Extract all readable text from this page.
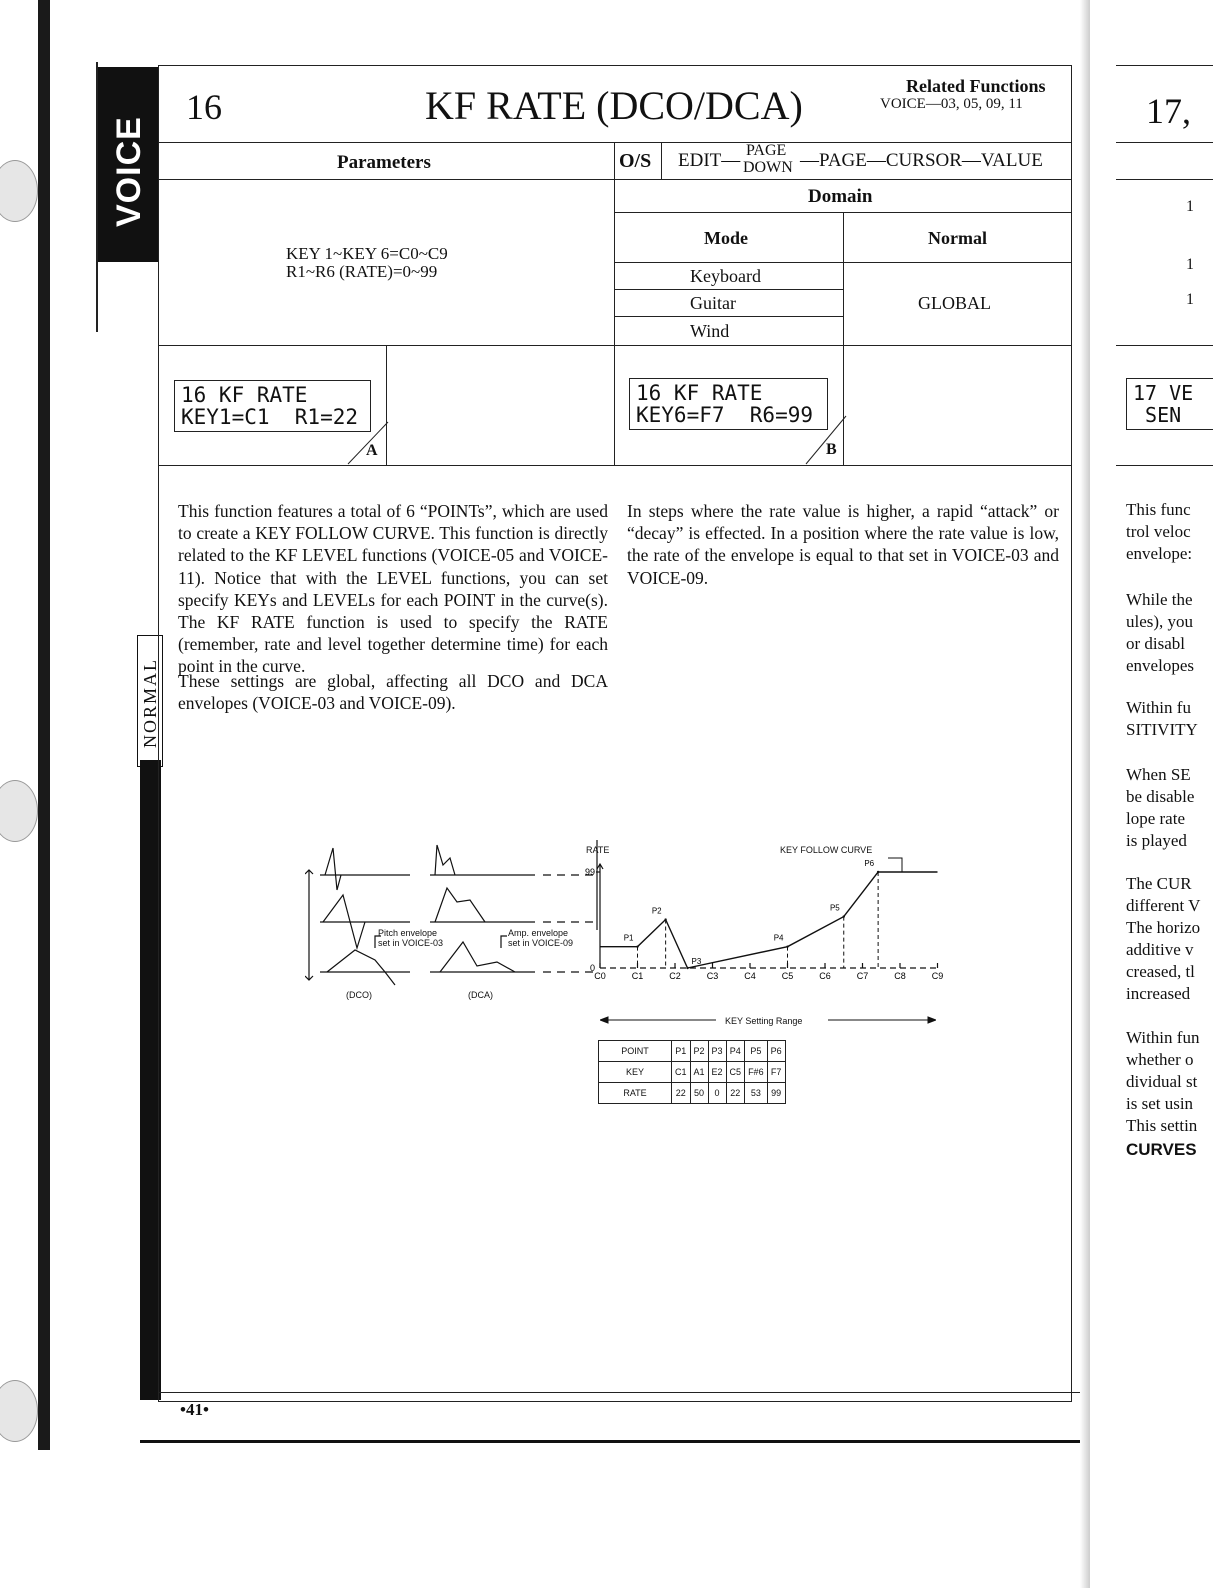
VOICE
NORMAL
16	KF RATE (DCO/DCA)	Related Functions
VOICE—03, 05, 09, 11
Parameters
KEY 1~KEY 6=C0~C9
R1~R6 (RATE)=0~99
O/S EDIT— PAGE
DOWN —PAGE—CURSOR—VALUE
Domain
Mode	Normal
Keyboard
Guitar
Wind
GLOBAL
16 KF RATE
KEY1=C1  R1=22
A
16 KF RATE
KEY6=F7  R6=99
B
This function features a total of 6 “POINTs”, which are used to create a KEY FOLLOW CURVE. This function is directly related to the KF LEVEL functions (VOICE-05 and VOICE-11). Notice that with the LEVEL functions, you can set specify KEYs and LEVELs for each POINT in the curve(s). The KF RATE function is used to specify the RATE (remember, rate and level together determine time) for each point in the curve.
These settings are global, affecting all DCO and DCA envelopes (VOICE-03 and VOICE-09).
In steps where the rate value is higher, a rapid “attack” or “decay” is effected. In a position where the rate value is low, the rate of the envelope is equal to that set in VOICE-03 and VOICE-09.
Pitch envelope
set in VOICE-03
Amp. envelope
set in VOICE-09
(DCO)	(DCA)
0
99
C0	C1	C2	C3	C4	C5	C6	C7	C8	C9
P1
P2
P3
P4
P5
P6
RATE	KEY FOLLOW CURVE
KEY Setting Range
POINT	P1	P2	P3	P4	P5	P6
KEY	C1	A1	E2	C5	F#6	F7
RATE	22	50	0	22	53	99
•41•
17,
1
1
1
17 VE
SEN
This func
trol veloc
envelope:
While the
ules), you
or disabl
envelopes
Within fu
SITIVITY
When SE
be disable
lope rate
is played
The CUR
different V
The horizo
additive v
creased, tl
increased
Within fun
whether o
dividual st
is set usin
This settin
CURVES
